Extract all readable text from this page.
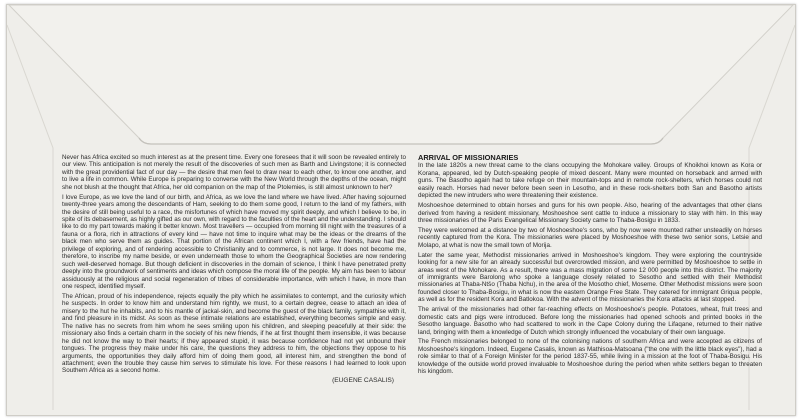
Never has Africa excited so much interest as at the present time. Every one foresees that it will soon be revealed entirely to our view. This anticipation is not merely the result of the discoveries of such men as Barth and Livingstone; it is connected with the great providential fact of our day — the desire that men feel to draw near to each other, to know one another, and to live a life in common. While Europe is preparing to converse with the New World through the depths of the ocean, might she not blush at the thought that Africa, her old companion on the map of the Ptolemies, is still almost unknown to her?

I love Europe, as we love the land of our birth, and Africa, as we love the land where we have lived. After having sojourned twenty-three years among the descendants of Ham, seeking to do them some good, I return to the land of my fathers, with the desire of still being useful to a race, the misfortunes of which have moved my spirit deeply, and which I believe to be, in spite of its debasement, as highly gifted as our own, with regard to the faculties of the heart and the understanding. I should like to do my part towards making it better known. Most travellers — occupied from morning till night with the treasures of a fauna or a flora, rich in attractions of every kind — have not time to inquire what may be the ideas or the dreams of the black men who serve them as guides. That portion of the African continent which I, with a few friends, have had the privilege of exploring, and of rendering accessible to Christianity and to commerce, is not large. It does not become me, therefore, to inscribe my name beside, or even underneath those to whom the Geographical Societies are now rendering such well-deserved homage. But though deficient in discoveries in the domain of science, I think I have penetrated pretty deeply into the groundwork of sentiments and ideas which compose the moral life of the people. My aim has been to labour assiduously at the religious and social regeneration of tribes of considerable importance, with which I have, in more than one respect, identified myself.

The African, proud of his independence, rejects equally the pity which he assimilates to contempt, and the curiosity which he suspects. In order to know him and understand him rightly, we must, to a certain degree, cease to attach an idea of misery to the hut he inhabits, and to his mantle of jackal-skin, and become the guest of the black family, sympathise with it, and find pleasure in its midst. As soon as these intimate relations are established, everything becomes simple and easy. The native has no secrets from him whom he sees smiling upon his children, and sleeping peacefully at their side: the missionary also finds a certain charm in the society of his new friends, if he at first thought them insensible, it was because he did not know the way to their hearts; if they appeared stupid, it was because confidence had not yet unbound their tongues. The progress they make under his care, the questions they address to him, the objections they oppose to his arguments, the opportunities they daily afford him of doing them good, all interest him, and strengthen the bond of attachment; even the trouble they cause him serves to stimulate his love. For these reasons I had learned to look upon Southern Africa as a second home.

(EUGENE CASALIS)
ARRIVAL OF MISSIONARIES

In the late 1820s a new threat came to the clans occupying the Mohokare valley. Groups of Khoikhoi known as Kora or Korana, appeared, led by Dutch-speaking people of mixed descent. Many were mounted on horseback and armed with guns. The Basotho again had to take refuge on their mountain-tops and in remote rock-shelters, which horses could not easily reach. Horses had never before been seen in Lesotho, and in these rock-shelters both San and Basotho artists depicted the new intruders who were threatening their existence.

Moshoeshoe determined to obtain horses and guns for his own people. Also, hearing of the advantages that other clans derived from having a resident missionary, Moshoeshoe sent cattle to induce a missionary to stay with him. In this way three missionaries of the Paris Evangelical Missionary Society came to Thaba-Bosigu in 1833.

They were welcomed at a distance by two of Moshoeshoe's sons, who by now were mounted rather unsteadily on horses recently captured from the Kora. The missionaries were placed by Moshoeshoe with these two senior sons, Letsie and Molapo, at what is now the small town of Morija.

Later the same year, Methodist missionaries arrived in Moshoeshoe's kingdom. They were exploring the countryside looking for a new site for an already successful but overcrowded mission, and were permitted by Moshoeshoe to settle in areas west of the Mohokare. As a result, there was a mass migration of some 12 000 people into this district. The majority of immigrants were Barolong who spoke a language closely related to Sesotho and settled with their Methodist missionaries at Thaba-Ntšo (Thaba Nchu), in the area of the Mosotho chief, Moseme. Other Methodist missions were soon founded closer to Thaba-Bosigu, in what is now the eastern Orange Free State. They catered for immigrant Griqua people, as well as for the resident Kora and Batlokoa. With the advent of the missionaries the Kora attacks at last stopped.

The arrival of the missionaries had other far-reaching effects on Moshoeshoe's people. Potatoes, wheat, fruit trees and domestic cats and pigs were introduced. Before long the missionaries had opened schools and printed books in the Sesotho language. Basotho who had scattered to work in the Cape Colony during the Lifaqane, returned to their native land, bringing with them a knowledge of Dutch which strongly influenced the vocabulary of their own language.

The French missionaries belonged to none of the colonising nations of southern Africa and were accepted as citizens of Moshoeshoe's kingdom. Indeed, Eugene Casalis, known as Mathisoa-Matsoana ("the one with the little black eyes"), had a role similar to that of a Foreign Minister for the period 1837-55, while living in a mission at the foot of Thaba-Bosigu. His knowledge of the outside world proved invaluable to Moshoeshoe during the period when white settlers began to threaten his kingdom.
